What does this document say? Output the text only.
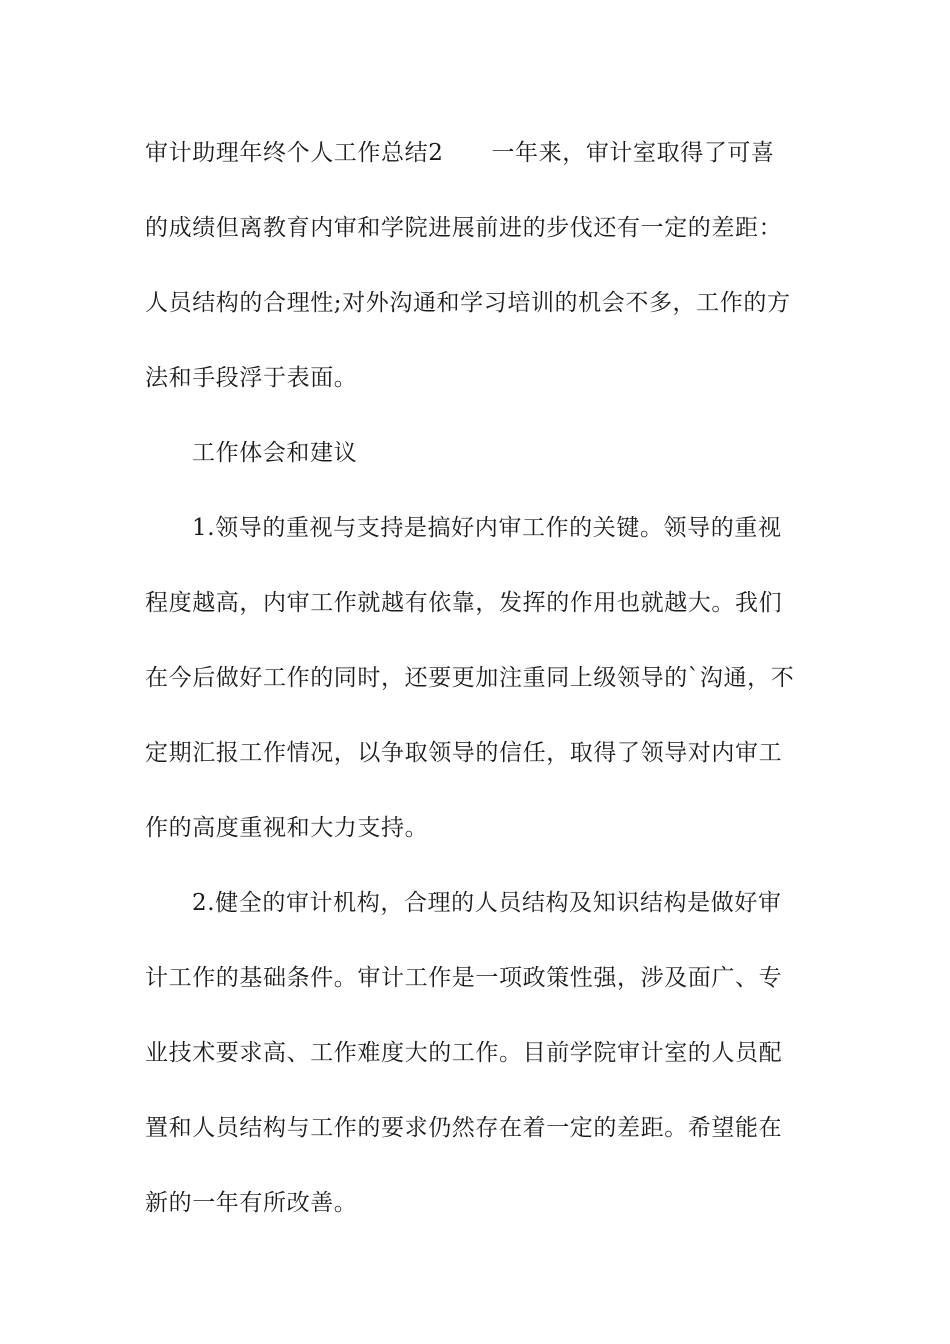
审计助理年终个人工作总结2 一年来，审计室取得了可喜
的成绩但离教育内审和学院进展前进的步伐还有一定的差距：
人员结构的合理性;对外沟通和学习培训的机会不多，工作的方
法和手段浮于表面。
工作体会和建议
1.领导的重视与支持是搞好内审工作的关键。领导的重视
程度越高，内审工作就越有依靠，发挥的作用也就越大。我们
在今后做好工作的同时，还要更加注重同上级领导的`沟通，不
定期汇报工作情况，以争取领导的信任，取得了领导对内审工
作的高度重视和大力支持。
2.健全的审计机构，合理的人员结构及知识结构是做好审
计工作的基础条件。审计工作是一项政策性强，涉及面广、专
业技术要求高、工作难度大的工作。目前学院审计室的人员配
置和人员结构与工作的要求仍然存在着一定的差距。希望能在
新的一年有所改善。
